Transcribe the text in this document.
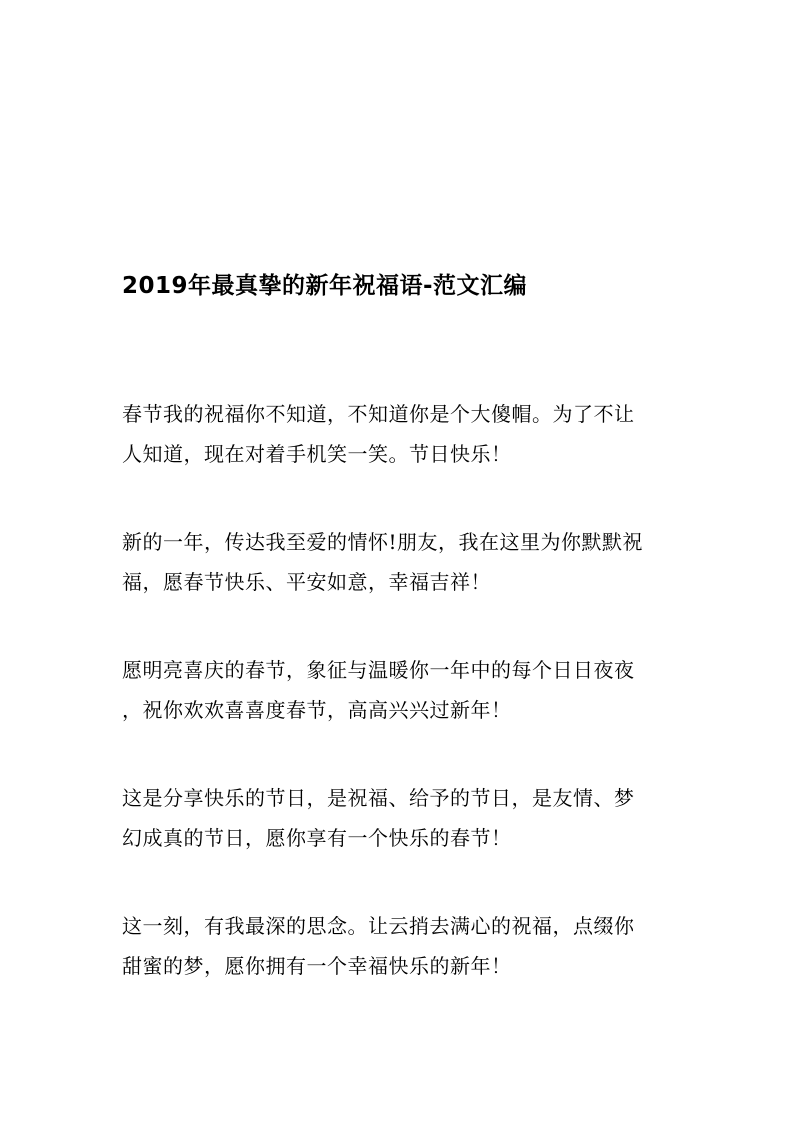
2019年最真挚的新年祝福语-范文汇编

春节我的祝福你不知道，不知道你是个大傻帽。为了不让
人知道，现在对着手机笑一笑。节日快乐！

新的一年，传达我至爱的情怀!朋友，我在这里为你默默祝
福，愿春节快乐、平安如意，幸福吉祥！

愿明亮喜庆的春节，象征与温暖你一年中的每个日日夜夜
，祝你欢欢喜喜度春节，高高兴兴过新年！

这是分享快乐的节日，是祝福、给予的节日，是友情、梦
幻成真的节日，愿你享有一个快乐的春节！

这一刻，有我最深的思念。让云捎去满心的祝福，点缀你
甜蜜的梦，愿你拥有一个幸福快乐的新年！
